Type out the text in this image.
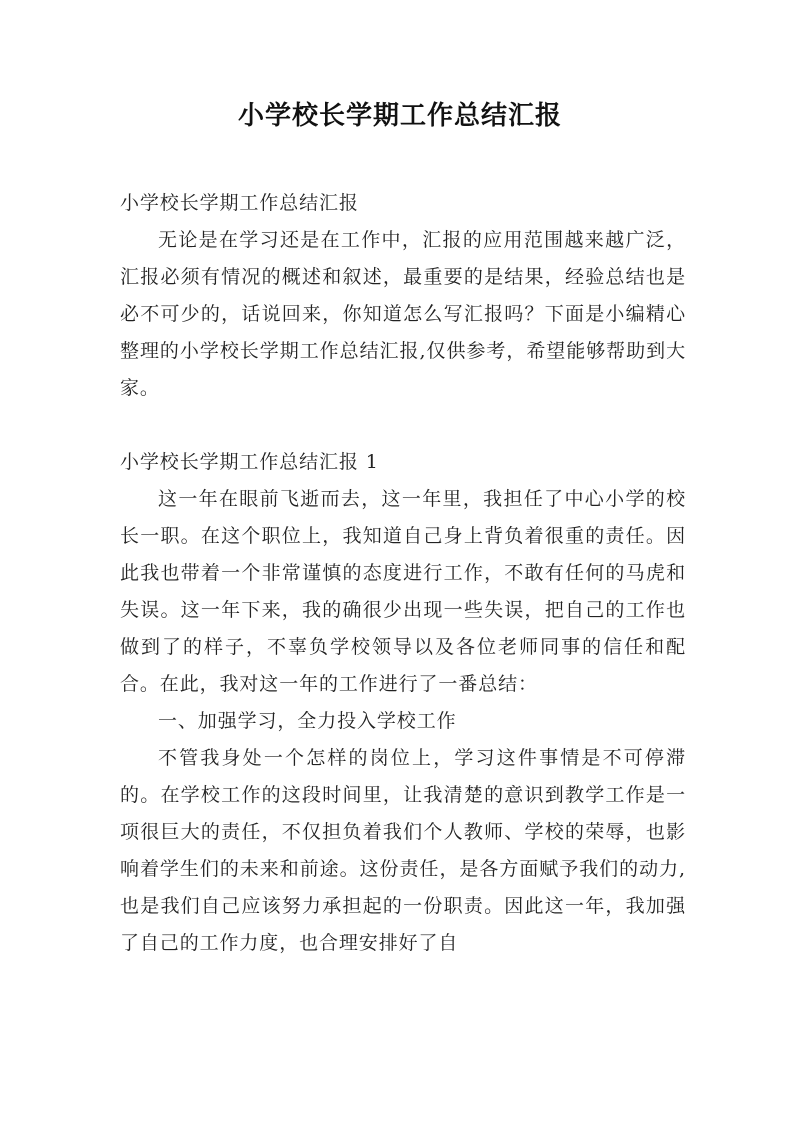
小学校长学期工作总结汇报

小学校长学期工作总结汇报

无论是在学习还是在工作中，汇报的应用范围越来越广泛，汇报必须有情况的概述和叙述，最重要的是结果，经验总结也是必不可少的，话说回来，你知道怎么写汇报吗？下面是小编精心整理的小学校长学期工作总结汇报,仅供参考，希望能够帮助到大家。

小学校长学期工作总结汇报 1

这一年在眼前飞逝而去，这一年里，我担任了中心小学的校长一职。在这个职位上，我知道自己身上背负着很重的责任。因此我也带着一个非常谨慎的态度进行工作，不敢有任何的马虎和失误。这一年下来，我的确很少出现一些失误，把自己的工作也做到了的样子，不辜负学校领导以及各位老师同事的信任和配合。在此，我对这一年的工作进行了一番总结：

一、加强学习，全力投入学校工作

不管我身处一个怎样的岗位上，学习这件事情是不可停滞的。在学校工作的这段时间里，让我清楚的意识到教学工作是一项很巨大的责任，不仅担负着我们个人教师、学校的荣辱，也影响着学生们的未来和前途。这份责任，是各方面赋予我们的动力,也是我们自己应该努力承担起的一份职责。因此这一年，我加强了自己的工作力度，也合理安排好了自
